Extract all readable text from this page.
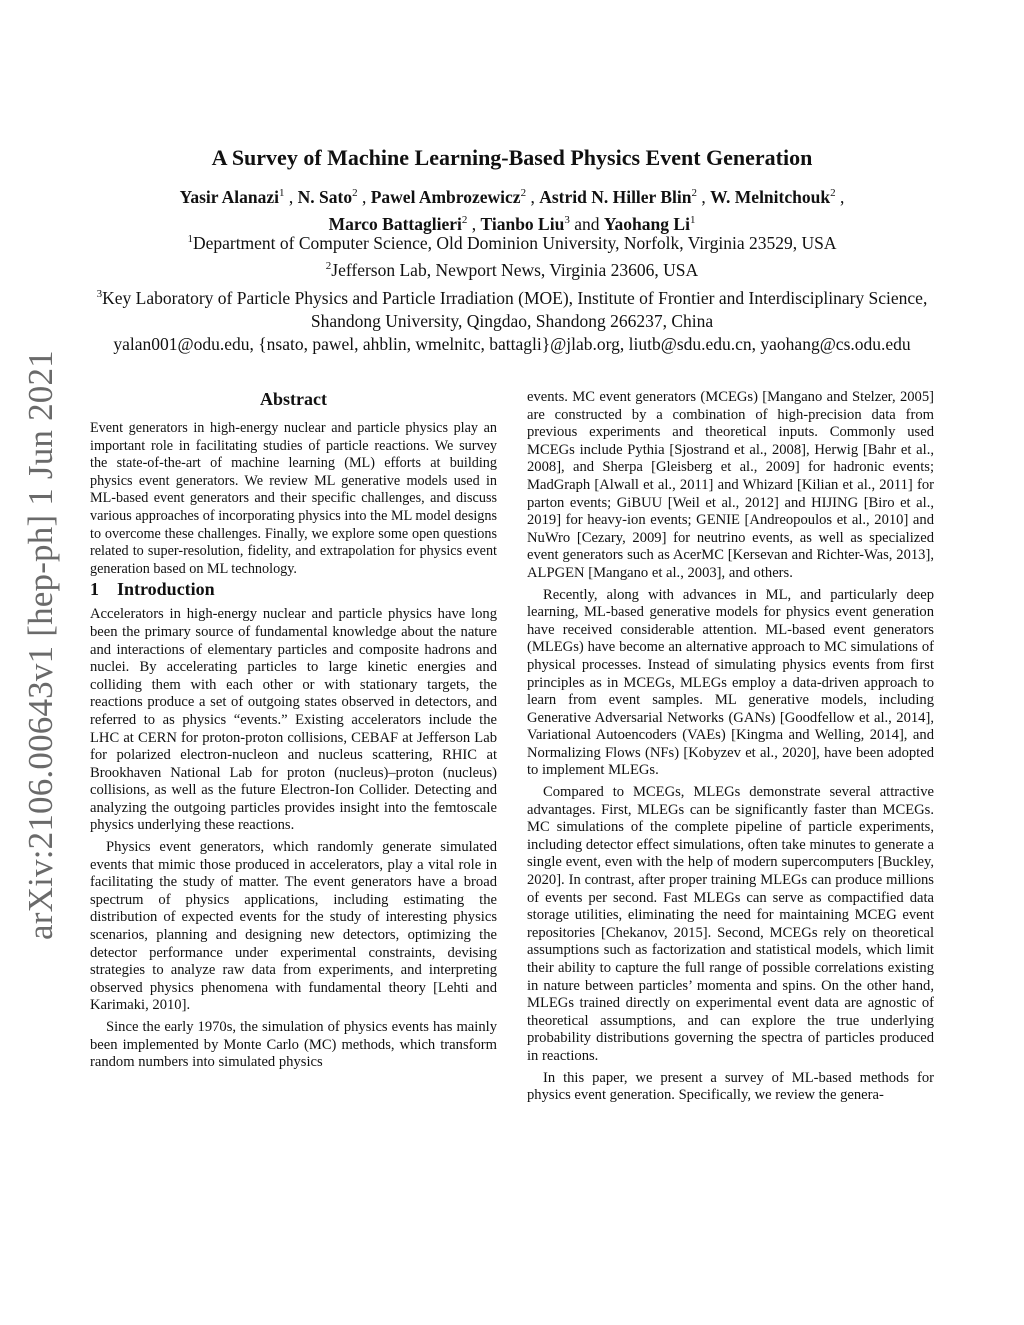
arXiv:2106.00643v1 [hep-ph] 1 Jun 2021
A Survey of Machine Learning-Based Physics Event Generation
Yasir Alanazi$^1$ , N. Sato$^2$ , Pawel Ambrozewicz$^2$ , Astrid N. Hiller Blin$^2$ , W. Melnitchouk$^2$ ,
Marco Battaglieri$^2$ , Tianbo Liu$^3$ and Yaohang Li$^1$

$^1$Department of Computer Science, Old Dominion University, Norfolk, Virginia 23529, USA

$^2$Jefferson Lab, Newport News, Virginia 23606, USA

$^3$Key Laboratory of Particle Physics and Particle Irradiation (MOE), Institute of Frontier and Interdisciplinary Science, Shandong University, Qingdao, Shandong 266237, China

yalan001@odu.edu, {nsato, pawel, ahblin, wmelnitc, battagli}@jlab.org, liutb@sdu.edu.cn, yaohang@cs.odu.edu

Abstract

Event generators in high-energy nuclear and particle physics play an important role in facilitating studies of particle reactions. We survey the state-of-the-art of machine learning (ML) efforts at building physics event generators. We review ML generative models used in ML-based event generators and their specific challenges, and discuss various approaches of incorporating physics into the ML model designs to overcome these challenges. Finally, we explore some open questions related to super-resolution, fidelity, and extrapolation for physics event generation based on ML technology.

1 Introduction

Accelerators in high-energy nuclear and particle physics have long been the primary source of fundamental knowledge about the nature and interactions of elementary particles and composite hadrons and nuclei. By accelerating particles to large kinetic energies and colliding them with each other or with stationary targets, the reactions produce a set of outgoing states observed in detectors, and referred to as physics “events.” Existing accelerators include the LHC at CERN for proton-proton collisions, CEBAF at Jefferson Lab for polarized electron-nucleon and nucleus scattering, RHIC at Brookhaven National Lab for proton (nucleus)–proton (nucleus) collisions, as well as the future Electron-Ion Collider. Detecting and analyzing the outgoing particles provides insight into the femtoscale physics underlying these reactions.

Physics event generators, which randomly generate simulated events that mimic those produced in accelerators, play a vital role in facilitating the study of matter. The event generators have a broad spectrum of physics applications, including estimating the distribution of expected events for the study of interesting physics scenarios, planning and designing new detectors, optimizing the detector performance under experimental constraints, devising strategies to analyze raw data from experiments, and interpreting observed physics phenomena with fundamental theory [Lehti and Karimaki, 2010].

Since the early 1970s, the simulation of physics events has mainly been implemented by Monte Carlo (MC) methods, which transform random numbers into simulated physics

events. MC event generators (MCEGs) [Mangano and Stelzer, 2005] are constructed by a combination of high-precision data from previous experiments and theoretical inputs. Commonly used MCEGs include Pythia [Sjostrand et al., 2008], Herwig [Bahr et al., 2008], and Sherpa [Gleisberg et al., 2009] for hadronic events; MadGraph [Alwall et al., 2011] and Whizard [Kilian et al., 2011] for parton events; GiBUU [Weil et al., 2012] and HIJING [Biro et al., 2019] for heavy-ion events; GENIE [Andreopoulos et al., 2010] and NuWro [Cezary, 2009] for neutrino events, as well as specialized event generators such as AcerMC [Kersevan and Richter-Was, 2013], ALPGEN [Mangano et al., 2003], and others.

Recently, along with advances in ML, and particularly deep learning, ML-based generative models for physics event generation have received considerable attention. ML-based event generators (MLEGs) have become an alternative approach to MC simulations of physical processes. Instead of simulating physics events from first principles as in MCEGs, MLEGs employ a data-driven approach to learn from event samples. ML generative models, including Generative Adversarial Networks (GANs) [Goodfellow et al., 2014], Variational Autoencoders (VAEs) [Kingma and Welling, 2014], and Normalizing Flows (NFs) [Kobyzev et al., 2020], have been adopted to implement MLEGs.

Compared to MCEGs, MLEGs demonstrate several attractive advantages. First, MLEGs can be significantly faster than MCEGs. MC simulations of the complete pipeline of particle experiments, including detector effect simulations, often take minutes to generate a single event, even with the help of modern supercomputers [Buckley, 2020]. In contrast, after proper training MLEGs can produce millions of events per second. Fast MLEGs can serve as compactified data storage utilities, eliminating the need for maintaining MCEG event repositories [Chekanov, 2015]. Second, MCEGs rely on theoretical assumptions such as factorization and statistical models, which limit their ability to capture the full range of possible correlations existing in nature between particles’ momenta and spins. On the other hand, MLEGs trained directly on experimental event data are agnostic of theoretical assumptions, and can explore the true underlying probability distributions governing the spectra of particles produced in reactions.

In this paper, we present a survey of ML-based methods for physics event generation. Specifically, we review the genera-
